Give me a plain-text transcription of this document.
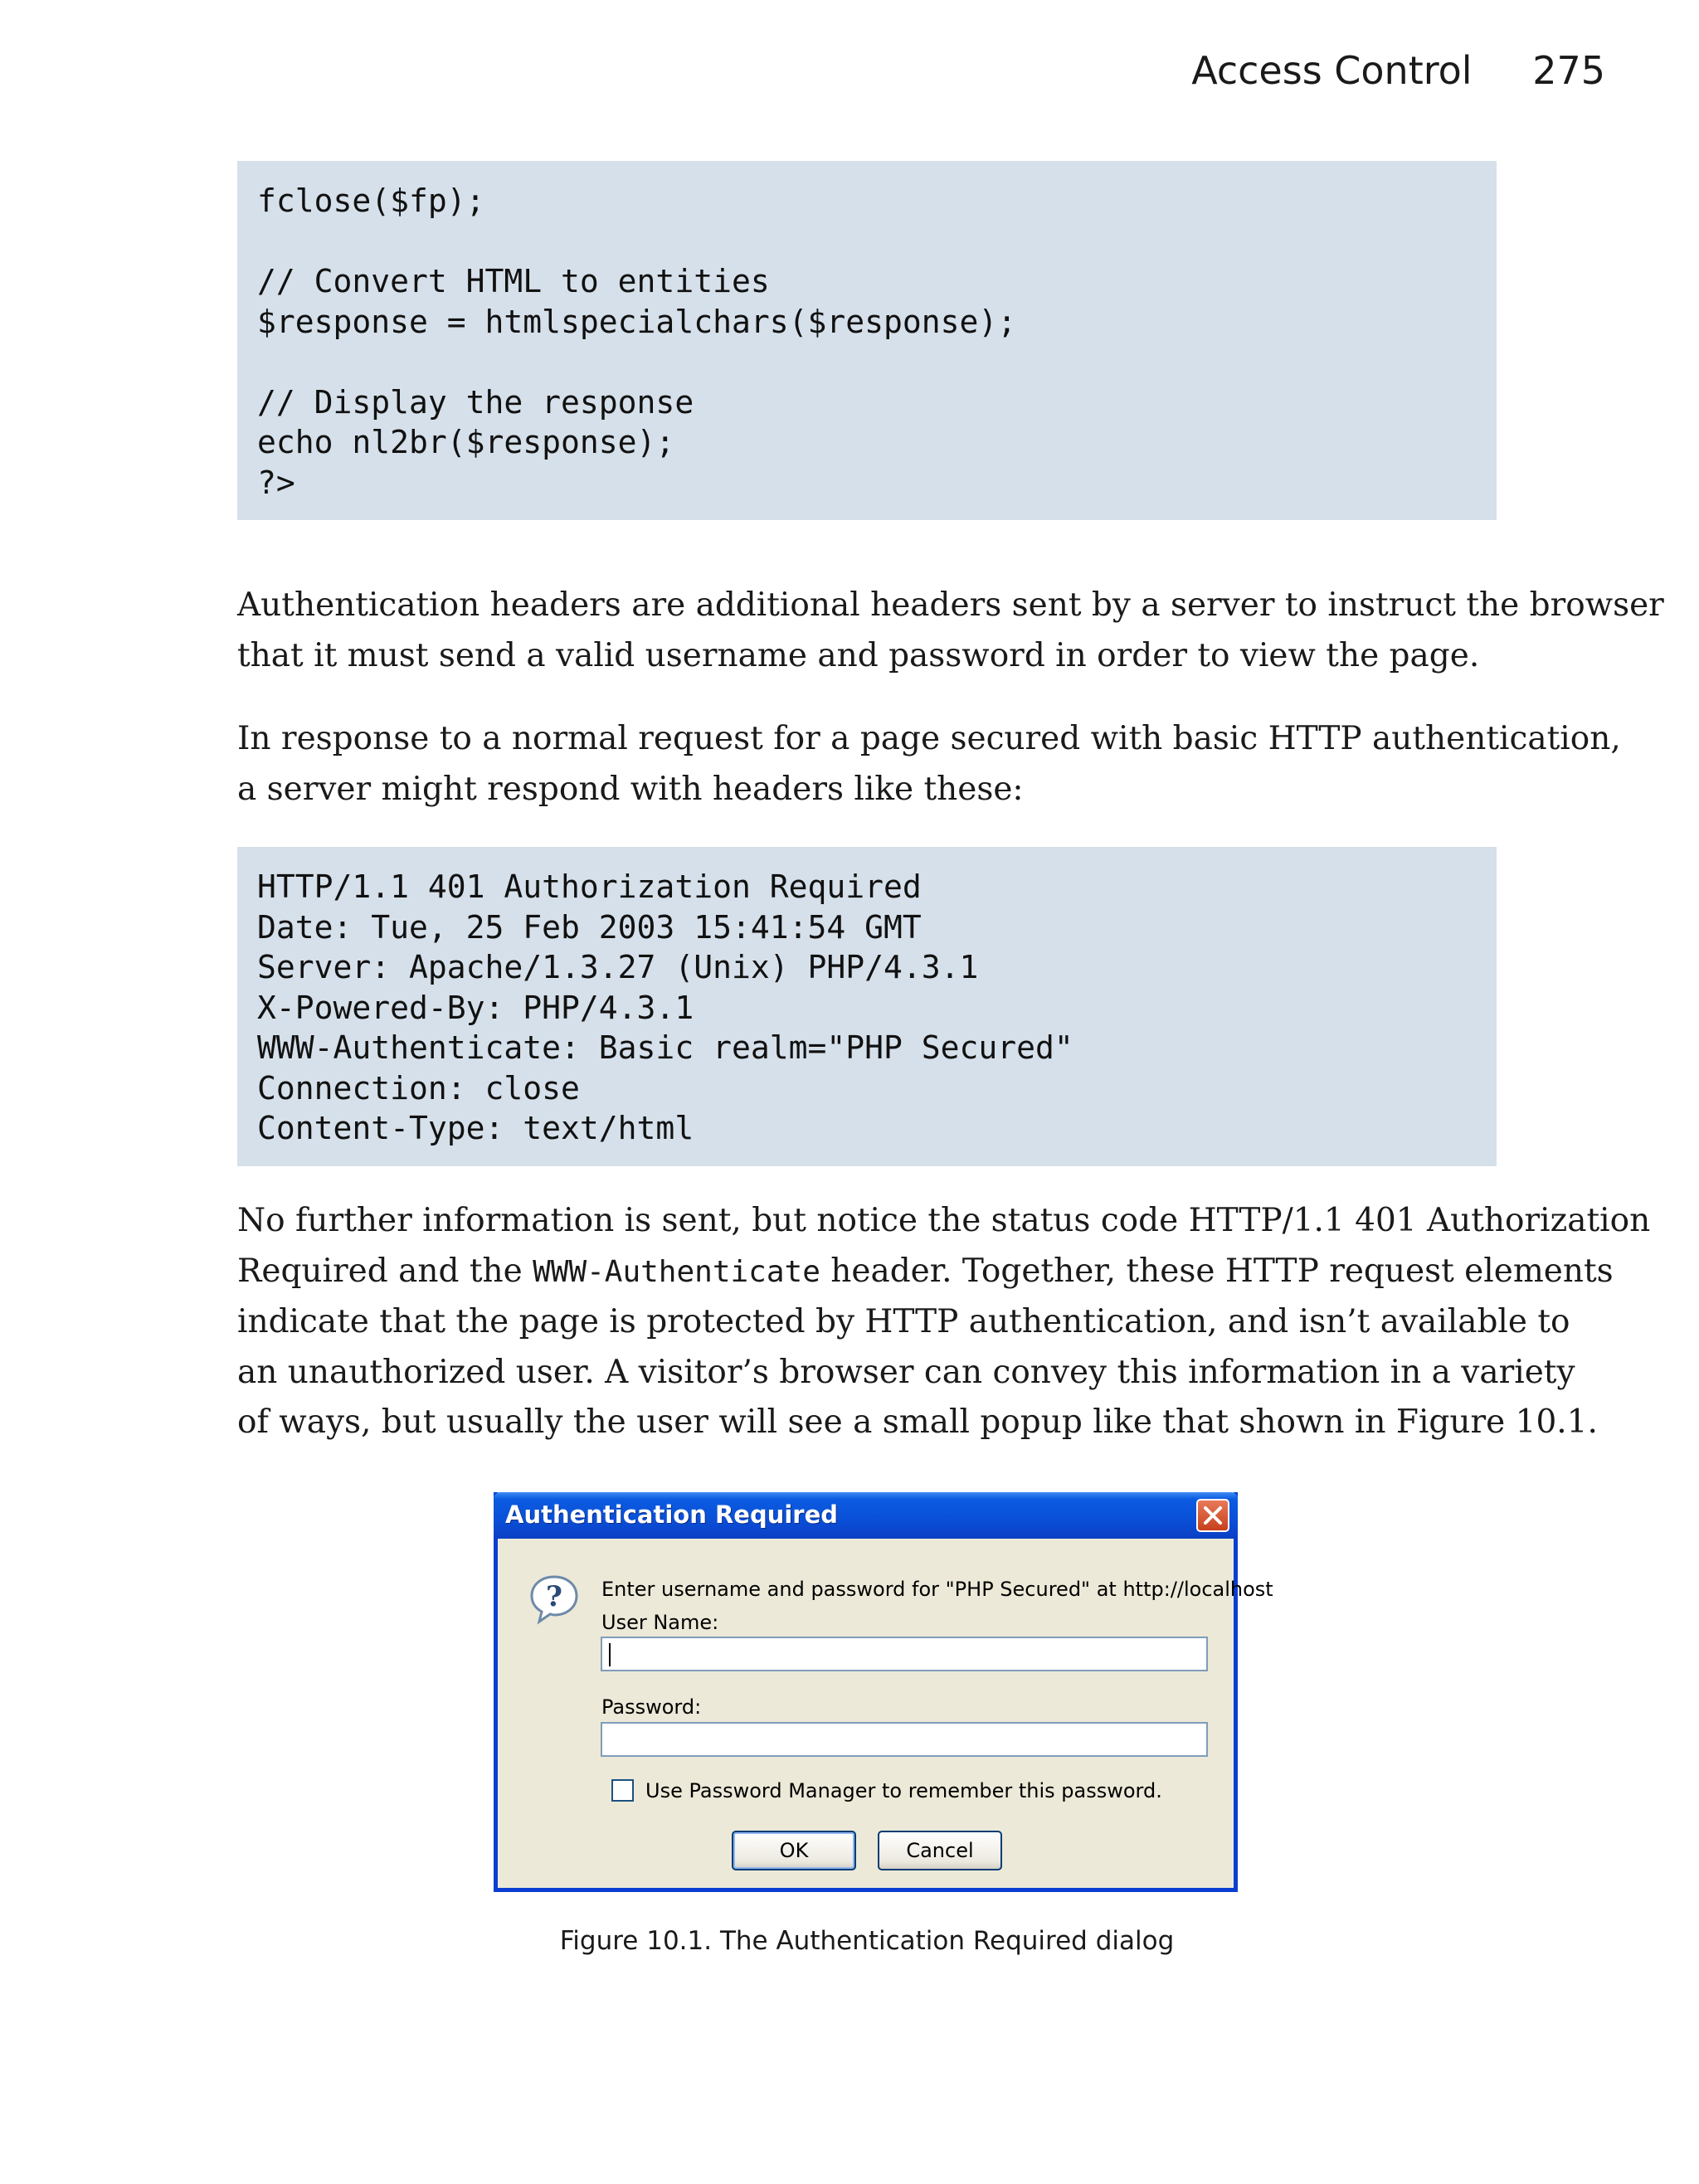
Access Control 275
fclose($fp);

// Convert HTML to entities
$response = htmlspecialchars($response);

// Display the response
echo nl2br($response);
?>

Authentication headers are additional headers sent by a server to instruct the browser
that it must send a valid username and password in order to view the page.

In response to a normal request for a page secured with basic HTTP authentication,
a server might respond with headers like these:

HTTP/1.1 401 Authorization Required
Date: Tue, 25 Feb 2003 15:41:54 GMT
Server: Apache/1.3.27 (Unix) PHP/4.3.1
X-Powered-By: PHP/4.3.1
WWW-Authenticate: Basic realm="PHP Secured"
Connection: close
Content-Type: text/html

No further information is sent, but notice the status code HTTP/1.1 401 Authorization
Required and the WWW-Authenticate header. Together, these HTTP request elements
indicate that the page is protected by HTTP authentication, and isn’t available to
an unauthorized user. A visitor’s browser can convey this information in a variety
of ways, but usually the user will see a small popup like that shown in Figure 10.1.

Authentication Required
? Enter username and password for "PHP Secured" at http://localhost
User Name:
Password:
Use Password Manager to remember this password.
OK	Cancel
Figure 10.1. The Authentication Required dialog
